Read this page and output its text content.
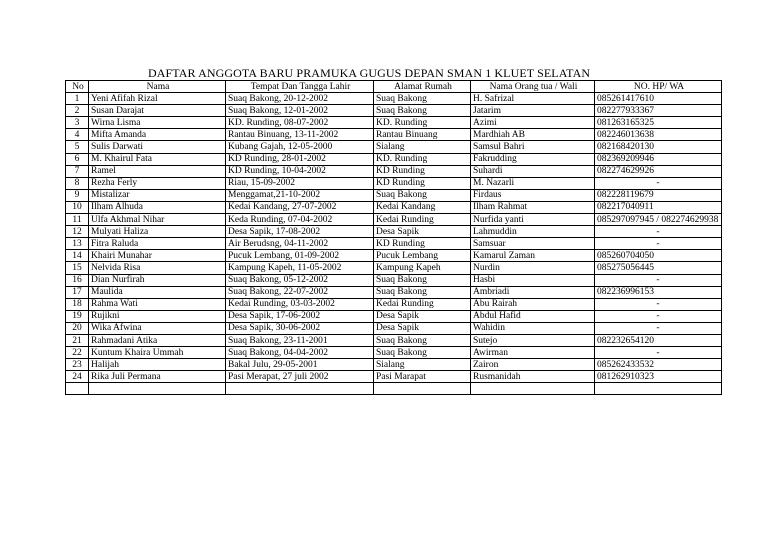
DAFTAR ANGGOTA BARU PRAMUKA GUGUS DEPAN SMAN 1 KLUET SELATAN
No	Nama	Tempat Dan Tangga Lahir	Alamat Rumah	Nama Orang tua / Wali	NO. HP/ WA
1	Yeni Afifah Rizal	Suaq Bakong, 20-12-2002	Suaq Bakong	H. Safrizal	085261417610
2	Susan Darajat	Suaq Bakong, 12-01-2002	Suaq Bakong	Jatarim	082277933367
3	Wirna Lisma	KD. Runding, 08-07-2002	KD. Runding	Azimi	081263165325
4	Mifta Amanda	Rantau Binuang, 13-11-2002	Rantau Binuang	Mardhiah AB	082246013638
5	Sulis Darwati	Kubang Gajah, 12-05-2000	Sialang	Samsul Bahri	082168420130
6	M. Khairul Fata	KD Runding, 28-01-2002	KD. Runding	Fakrudding	082369209946
7	Ramel	KD Runding, 10-04-2002	KD Runding	Suhardi	082274629926
8	Rezha Ferly	Riau, 15-09-2002	KD Runding	M. Nazarli	-
9	Mistalizar	Menggamat,21-10-2002	Suaq Bakong	Firdaus	082228119679
10	Ilham Alhuda	Kedai Kandang, 27-07-2002	Kedai Kandang	Ilham Rahmat	082217040911
11	Ulfa Akhmal Nihar	Keda Runding, 07-04-2002	Kedai Runding	Nurfida yanti	085297097945 / 082274629938
12	Mulyati Haliza	Desa Sapik, 17-08-2002	Desa Sapik	Lahmuddin	-
13	Fitra Raluda	Air Berudsng, 04-11-2002	KD Runding	Samsuar	-
14	Khairi Munahar	Pucuk Lembang, 01-09-2002	Pucuk Lembang	Kamarul Zaman	085260704050
15	Nelvida Risa	Kampung Kapeh, 11-05-2002	Kampung Kapeh	Nurdin	085275056445
16	Dian Nurfirah	Suaq Bakong, 05-12-2002	Suaq Bakong	Hasbi	-
17	Maulida	Suaq Bakong, 22-07-2002	Suaq Bakong	Ambriadi	082236996153
18	Rahma Wati	Kedai Runding, 03-03-2002	Kedai Runding	Abu Rairah	-
19	Rujikni	Desa Sapik, 17-06-2002	Desa Sapik	Abdul Hafid	-
20	Wika Afwina	Desa Sapik, 30-06-2002	Desa Sapik	Wahidin	-
21	Rahmadani Atika	Suaq Bakong, 23-11-2001	Suaq Bakong	Sutejo	082232654120
22	Kuntum Khaira Ummah	Suaq Bakong, 04-04-2002	Suaq Bakong	Awirman	-
23	Halijah	Bakal Julu, 29-05-2001	Sialang	Zairon	085262433532
24	Rika Juli Permana	Pasi Merapat, 27 juli 2002	Pasi Marapat	Rusmanidah	081262910323
